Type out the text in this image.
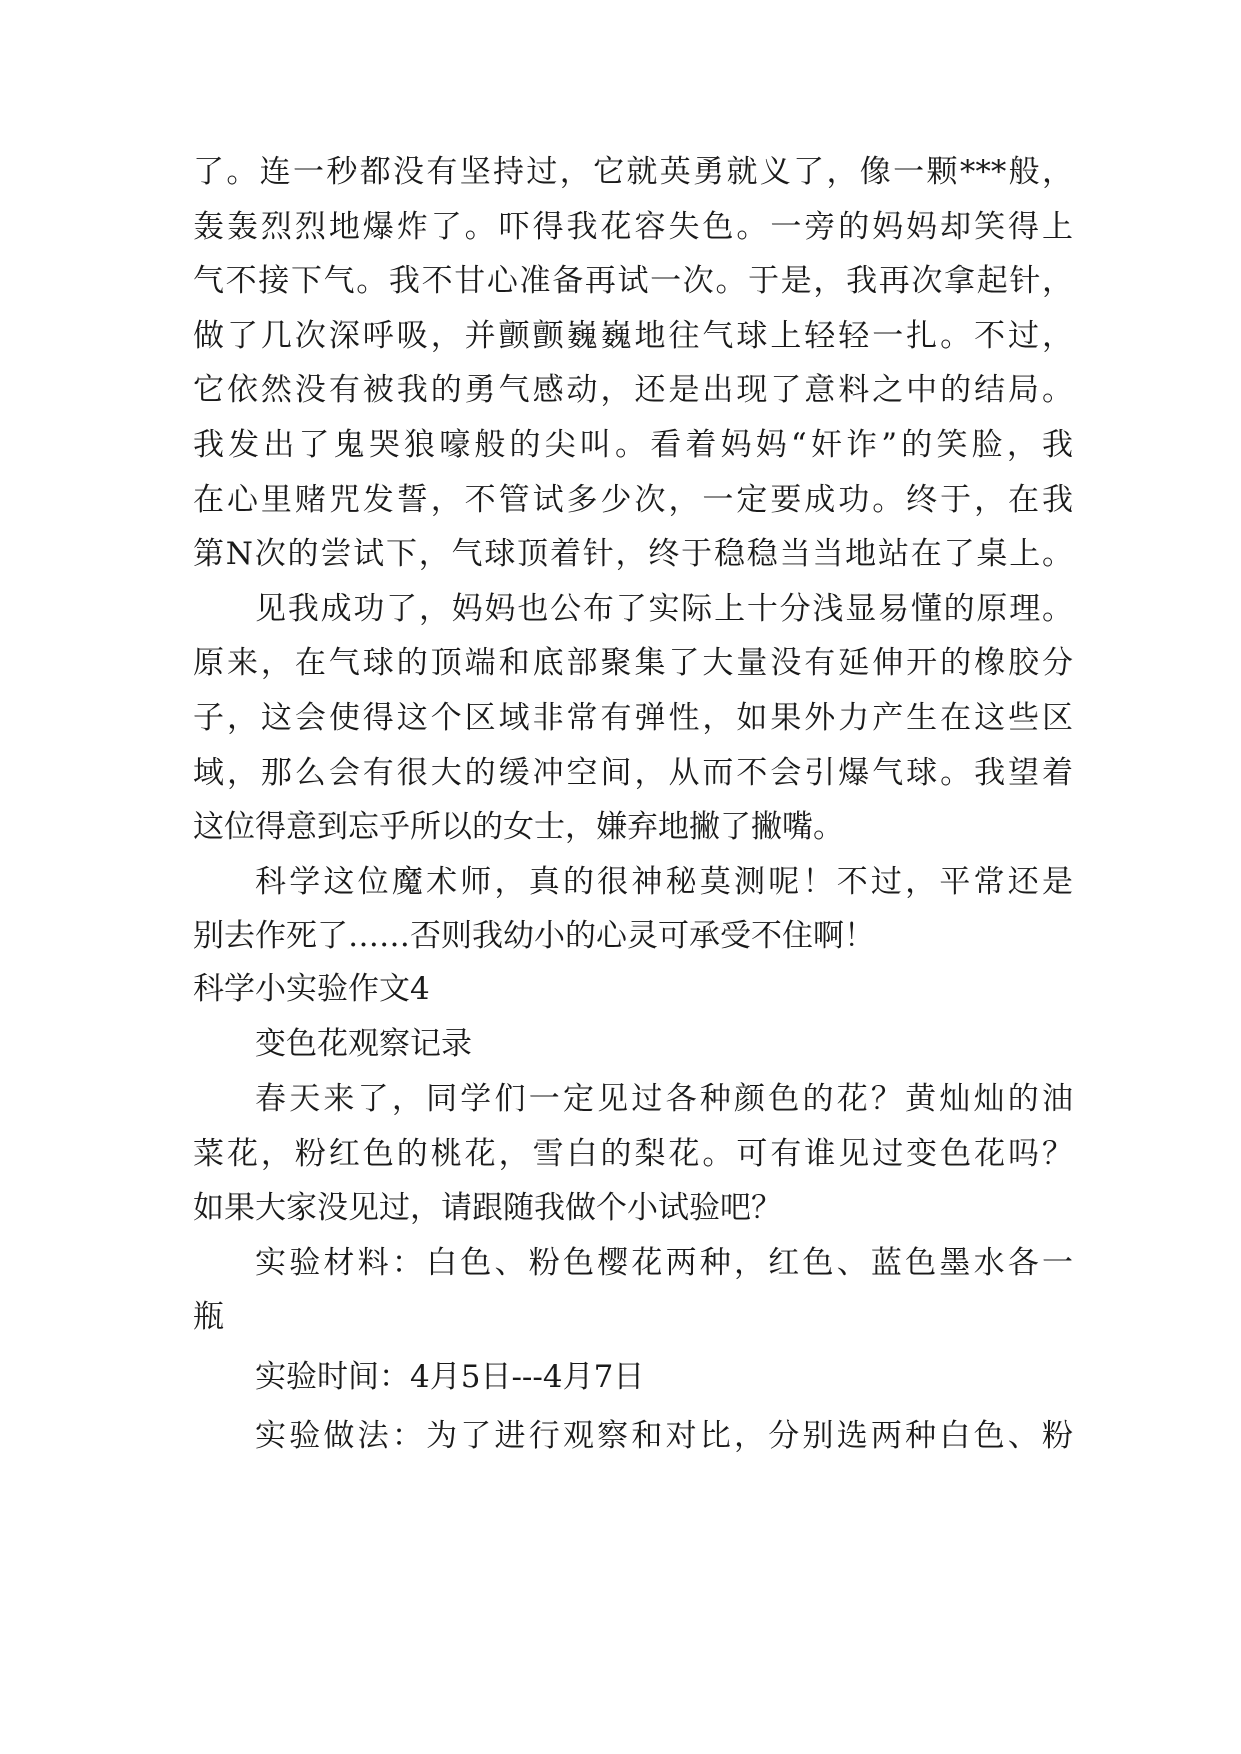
了。连一秒都没有坚持过，它就英勇就义了，像一颗***般，
轰轰烈烈地爆炸了。吓得我花容失色。一旁的妈妈却笑得上
气不接下气。我不甘心准备再试一次。于是，我再次拿起针，
做了几次深呼吸，并颤颤巍巍地往气球上轻轻一扎。不过，
它依然没有被我的勇气感动，还是出现了意料之中的结局。
我发出了鬼哭狼嚎般的尖叫。看着妈妈“奸诈”的笑脸，我
在心里赌咒发誓，不管试多少次，一定要成功。终于，在我
第N次的尝试下，气球顶着针，终于稳稳当当地站在了桌上。
见我成功了，妈妈也公布了实际上十分浅显易懂的原理。
原来，在气球的顶端和底部聚集了大量没有延伸开的橡胶分
子，这会使得这个区域非常有弹性，如果外力产生在这些区
域，那么会有很大的缓冲空间，从而不会引爆气球。我望着
这位得意到忘乎所以的女士，嫌弃地撇了撇嘴。
科学这位魔术师，真的很神秘莫测呢！不过，平常还是
别去作死了……否则我幼小的心灵可承受不住啊！
科学小实验作文4
变色花观察记录
春天来了，同学们一定见过各种颜色的花？黄灿灿的油
菜花，粉红色的桃花，雪白的梨花。可有谁见过变色花吗？
如果大家没见过，请跟随我做个小试验吧？
实验材料：白色、粉色樱花两种，红色、蓝色墨水各一
瓶
实验时间：4月5日---4月7日
实验做法：为了进行观察和对比，分别选两种白色、粉
